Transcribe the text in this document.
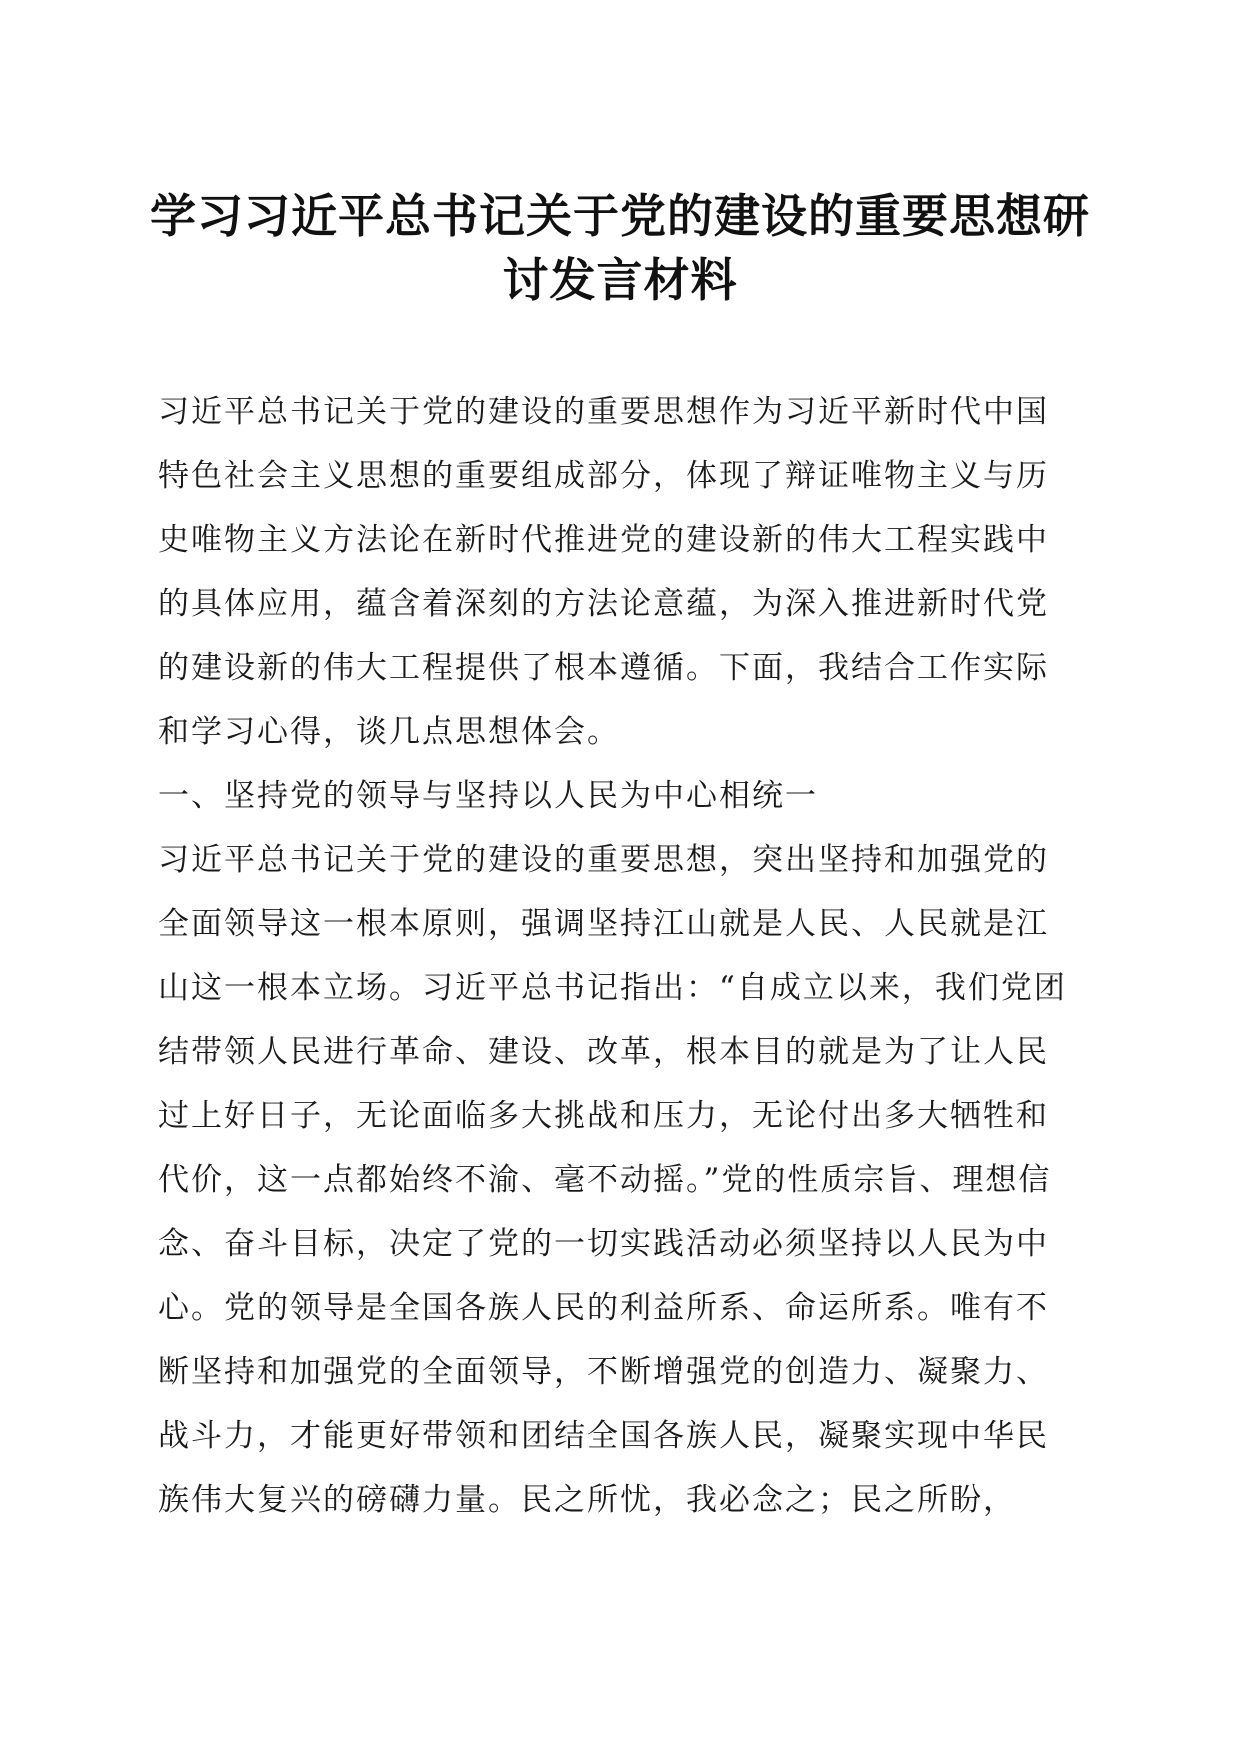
学习习近平总书记关于党的建设的重要思想研
讨发言材料

习近平总书记关于党的建设的重要思想作为习近平新时代中国特色社会主义思想的重要组成部分，体现了辩证唯物主义与历史唯物主义方法论在新时代推进党的建设新的伟大工程实践中的具体应用，蕴含着深刻的方法论意蕴，为深入推进新时代党的建设新的伟大工程提供了根本遵循。下面，我结合工作实际和学习心得，谈几点思想体会。

一、坚持党的领导与坚持以人民为中心相统一

习近平总书记关于党的建设的重要思想，突出坚持和加强党的全面领导这一根本原则，强调坚持江山就是人民、人民就是江山这一根本立场。习近平总书记指出：“自成立以来，我们党团结带领人民进行革命、建设、改革，根本目的就是为了让人民过上好日子，无论面临多大挑战和压力，无论付出多大牺牲和代价，这一点都始终不渝、毫不动摇。”党的性质宗旨、理想信念、奋斗目标，决定了党的一切实践活动必须坚持以人民为中心。党的领导是全国各族人民的利益所系、命运所系。唯有不断坚持和加强党的全面领导，不断增强党的创造力、凝聚力、战斗力，才能更好带领和团结全国各族人民，凝聚实现中华民族伟大复兴的磅礴力量。民之所忧，我必念之；民之所盼，
